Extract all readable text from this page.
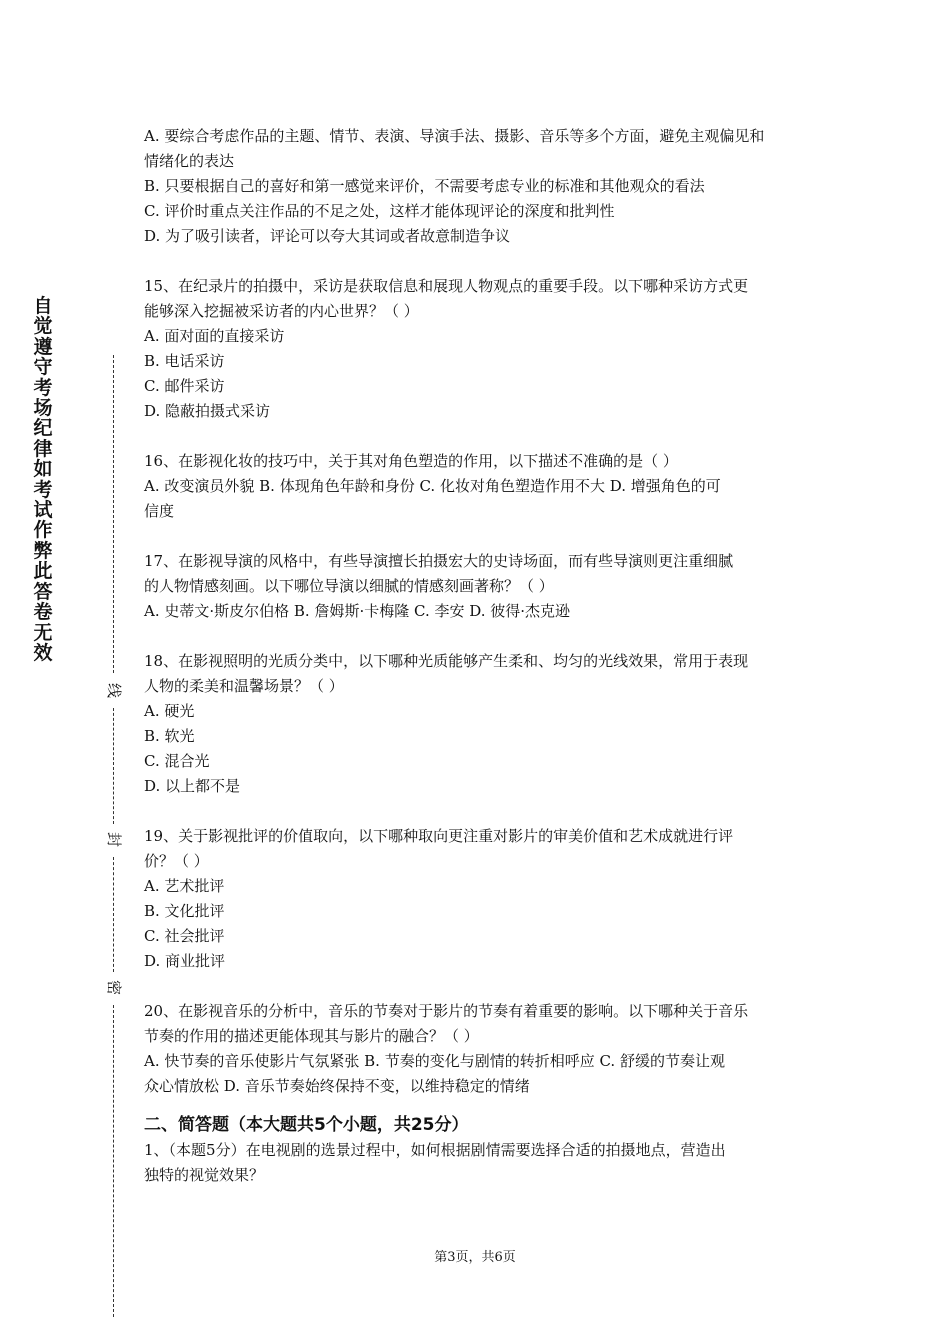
自觉遵守考场纪律如考试作弊此答卷无效
线
封
密
A. 要综合考虑作品的主题、情节、表演、导演手法、摄影、音乐等多个方面，避免主观偏见和
情绪化的表达
B. 只要根据自己的喜好和第一感觉来评价，不需要考虑专业的标准和其他观众的看法
C. 评价时重点关注作品的不足之处，这样才能体现评论的深度和批判性
D. 为了吸引读者，评论可以夸大其词或者故意制造争议
15、在纪录片的拍摄中，采访是获取信息和展现人物观点的重要手段。以下哪种采访方式更
能够深入挖掘被采访者的内心世界？（ ）
A. 面对面的直接采访
B. 电话采访
C. 邮件采访
D. 隐蔽拍摄式采访
16、在影视化妆的技巧中，关于其对角色塑造的作用，以下描述不准确的是（ ）
A. 改变演员外貌 B. 体现角色年龄和身份 C. 化妆对角色塑造作用不大 D. 增强角色的可
信度
17、在影视导演的风格中，有些导演擅长拍摄宏大的史诗场面，而有些导演则更注重细腻
的人物情感刻画。以下哪位导演以细腻的情感刻画著称？（ ）
A. 史蒂文·斯皮尔伯格 B. 詹姆斯·卡梅隆 C. 李安 D. 彼得·杰克逊
18、在影视照明的光质分类中，以下哪种光质能够产生柔和、均匀的光线效果，常用于表现
人物的柔美和温馨场景？（ ）
A. 硬光
B. 软光
C. 混合光
D. 以上都不是
19、关于影视批评的价值取向，以下哪种取向更注重对影片的审美价值和艺术成就进行评
价？（ ）
A. 艺术批评
B. 文化批评
C. 社会批评
D. 商业批评
20、在影视音乐的分析中，音乐的节奏对于影片的节奏有着重要的影响。以下哪种关于音乐
节奏的作用的描述更能体现其与影片的融合？（ ）
A. 快节奏的音乐使影片气氛紧张 B. 节奏的变化与剧情的转折相呼应 C. 舒缓的节奏让观
众心情放松 D. 音乐节奏始终保持不变，以维持稳定的情绪
二、简答题（本大题共5个小题，共25分）
1、（本题5分）在电视剧的选景过程中，如何根据剧情需要选择合适的拍摄地点，营造出
独特的视觉效果？
第3页，共6页
